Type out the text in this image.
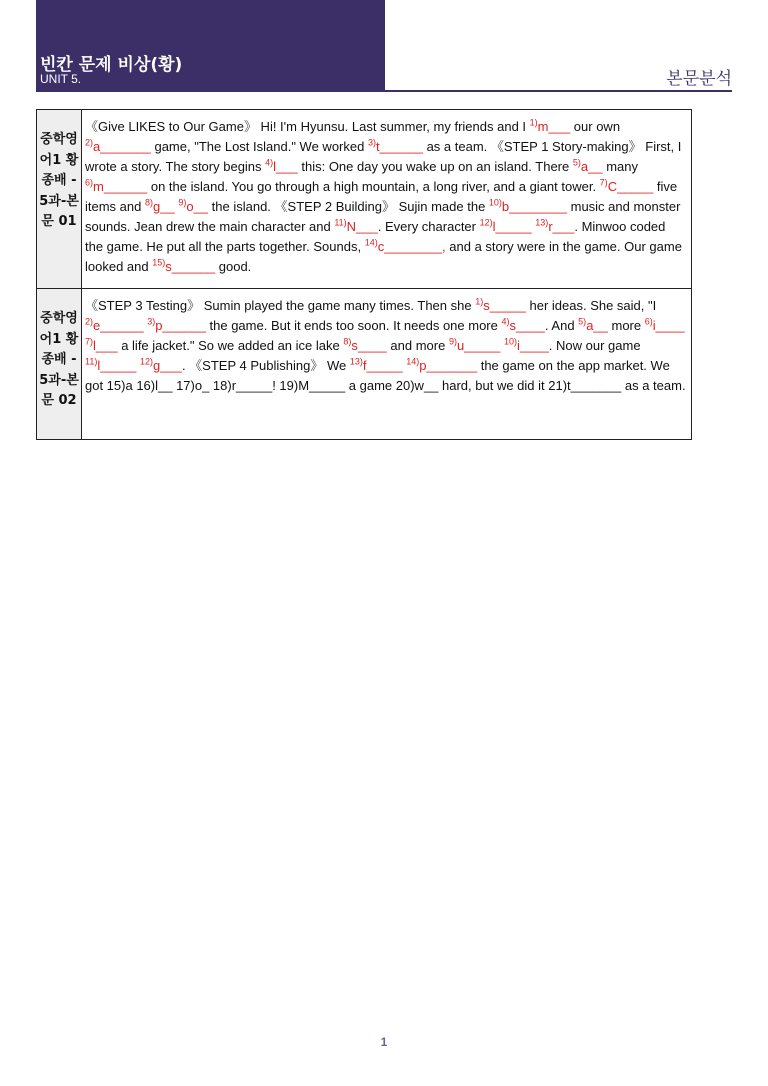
빈칸 문제 비상(황)
UNIT 5.	본문분석
중학영어1 황종배 - 5과-본문 01	《Give LIKES to Our Game》 Hi! I'm Hyunsu. Last summer, my friends and I $^{1)}$m___ our own $^{2)}$a_______ game, "The Lost Island." We worked $^{3)}$t______ as a team. 《STEP 1 Story-making》 First, I wrote a story. The story begins $^{4)}$l___ this: One day you wake up on an island. There $^{5)}$a__ many $^{6)}$m______ on the island. You go through a high mountain, a long river, and a giant tower. $^{7)}$C_____ five items and $^{8)}$g__ $^{9)}$o__ the island. 《STEP 2 Building》 Sujin made the $^{10)}$b________ music and monster sounds. Jean drew the main character and $^{11)}$N___. Every character $^{12)}$l_____ $^{13)}$r___. Minwoo coded the game. He put all the parts together. Sounds, $^{14)}$c________, and a story were in the game. Our game looked and $^{15)}$s______ good.
중학영어1 황종배 - 5과-본문 02	《STEP 3 Testing》 Sumin played the game many times. Then she $^{1)}$s_____ her ideas. She said, "I $^{2)}$e______ $^{3)}$p______ the game. But it ends too soon. It needs one more $^{4)}$s____. And $^{5)}$a__ more $^{6)}$i____ $^{7)}$l___ a life jacket." So we added an ice lake $^{8)}$s____ and more $^{9)}$u_____ $^{10)}$i____. Now our game $^{11)}$l_____ $^{12)}$g___. 《STEP 4 Publishing》 We $^{13)}$f_____ $^{14)}$p_______ the game on the app market. We got 15)a 16)l__ 17)o_ 18)r_____! 19)M_____ a game 20)w__ hard, but we did it 21)t_______ as a team.
1
